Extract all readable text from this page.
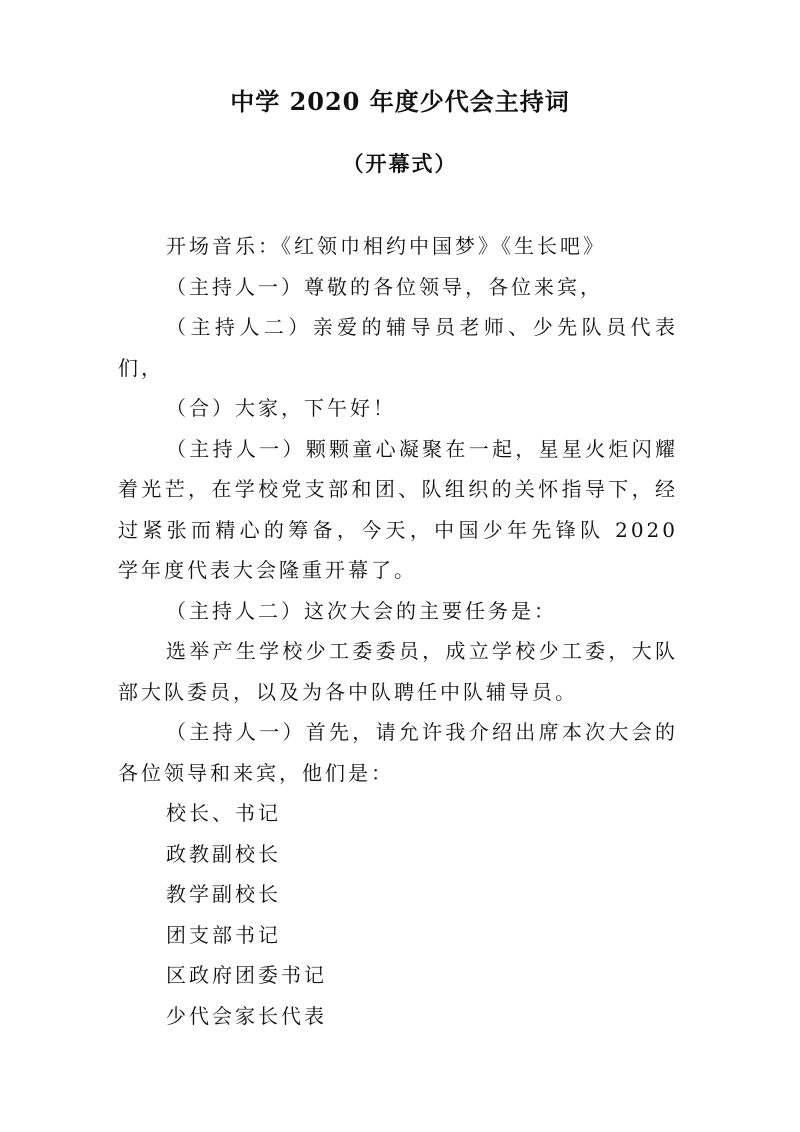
中学 2020 年度少代会主持词
（开幕式）

开场音乐：《红领巾相约中国梦》《生长吧》

（主持人一）尊敬的各位领导，各位来宾，

（主持人二）亲爱的辅导员老师、少先队员代表们，

（合）大家，下午好！

（主持人一）颗颗童心凝聚在一起，星星火炬闪耀着光芒，在学校党支部和团、队组织的关怀指导下，经过紧张而精心的筹备，今天，中国少年先锋队 2020 学年度代表大会隆重开幕了。

（主持人二）这次大会的主要任务是：

选举产生学校少工委委员，成立学校少工委，大队部大队委员，以及为各中队聘任中队辅导员。

（主持人一）首先，请允许我介绍出席本次大会的各位领导和来宾，他们是：

校长、书记

政教副校长

教学副校长

团支部书记

区政府团委书记

少代会家长代表
